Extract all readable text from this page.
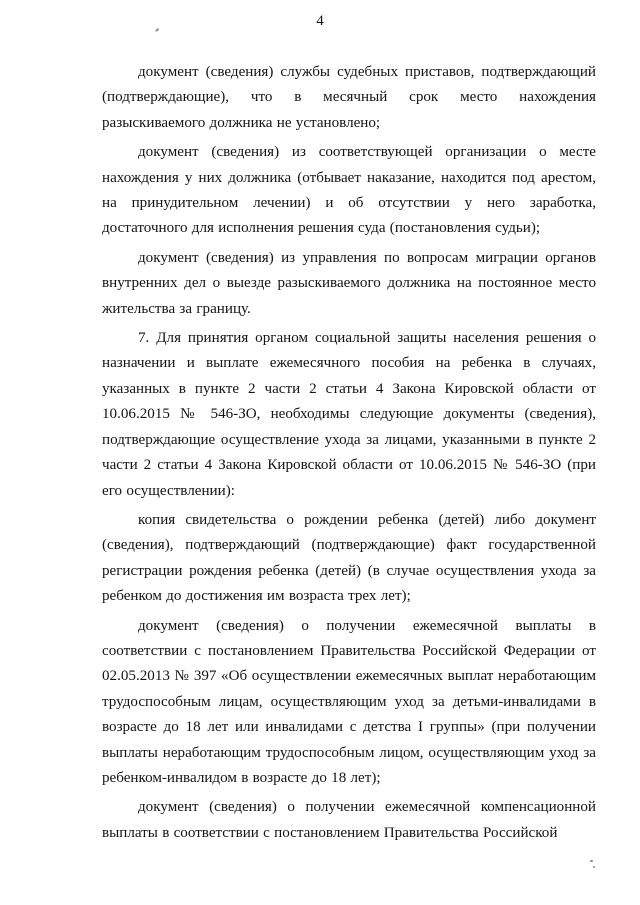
4

документ (сведения) службы судебных приставов, подтверждающий (подтверждающие), что в месячный срок место нахождения разыскиваемого должника не установлено;

документ (сведения) из соответствующей организации о месте нахождения у них должника (отбывает наказание, находится под арестом, на принудительном лечении) и об отсутствии у него заработка, достаточного для исполнения решения суда (постановления судьи);

документ (сведения) из управления по вопросам миграции органов внутренних дел о выезде разыскиваемого должника на постоянное место жительства за границу.

7. Для принятия органом социальной защиты населения решения о назначении и выплате ежемесячного пособия на ребенка в случаях, указанных в пункте 2 части 2 статьи 4 Закона Кировской области от 10.06.2015 № 546-ЗО, необходимы следующие документы (сведения), подтверждающие осуществление ухода за лицами, указанными в пункте 2 части 2 статьи 4 Закона Кировской области от 10.06.2015 № 546-ЗО (при его осуществлении):

копия свидетельства о рождении ребенка (детей) либо документ (сведения), подтверждающий (подтверждающие) факт государственной регистрации рождения ребенка (детей) (в случае осуществления ухода за ребенком до достижения им возраста трех лет);

документ (сведения) о получении ежемесячной выплаты в соответствии с постановлением Правительства Российской Федерации от 02.05.2013 № 397 «Об осуществлении ежемесячных выплат неработающим трудоспособным лицам, осуществляющим уход за детьми-инвалидами в возрасте до 18 лет или инвалидами с детства I группы» (при получении выплаты неработающим трудоспособным лицом, осуществляющим уход за ребенком-инвалидом в возрасте до 18 лет);

документ (сведения) о получении ежемесячной компенсационной выплаты в соответствии с постановлением Правительства Российской
